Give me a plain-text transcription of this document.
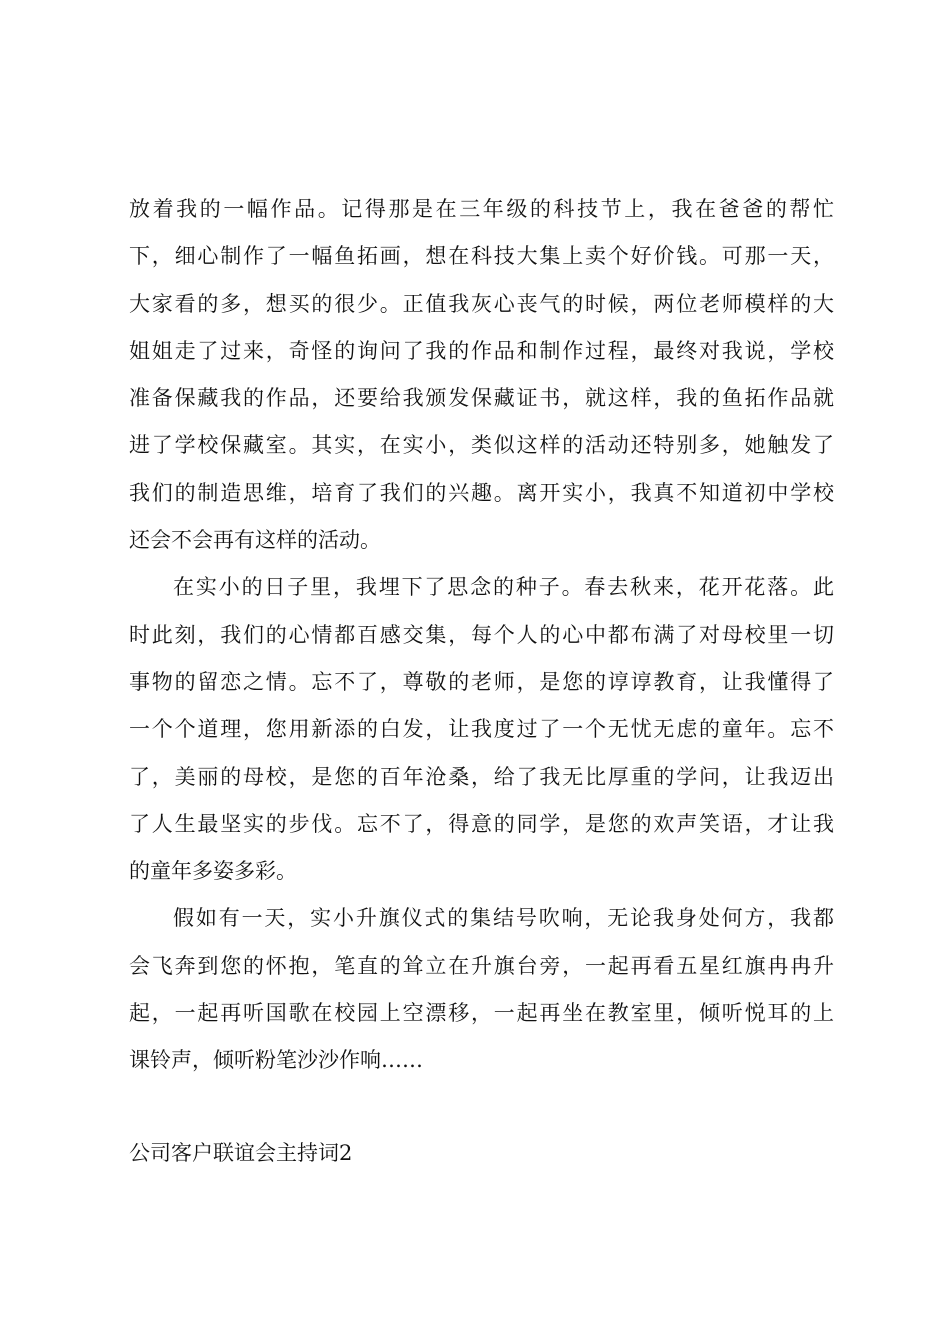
放着我的一幅作品。记得那是在三年级的科技节上，我在爸爸的帮忙
下，细心制作了一幅鱼拓画，想在科技大集上卖个好价钱。可那一天，
大家看的多，想买的很少。正值我灰心丧气的时候，两位老师模样的大
姐姐走了过来，奇怪的询问了我的作品和制作过程，最终对我说，学校
准备保藏我的作品，还要给我颁发保藏证书，就这样，我的鱼拓作品就
进了学校保藏室。其实，在实小，类似这样的活动还特别多，她触发了
我们的制造思维，培育了我们的兴趣。离开实小，我真不知道初中学校
还会不会再有这样的活动。
在实小的日子里，我埋下了思念的种子。春去秋来，花开花落。此
时此刻，我们的心情都百感交集，每个人的心中都布满了对母校里一切
事物的留恋之情。忘不了，尊敬的老师，是您的谆谆教育，让我懂得了
一个个道理，您用新添的白发，让我度过了一个无忧无虑的童年。忘不
了，美丽的母校，是您的百年沧桑，给了我无比厚重的学问，让我迈出
了人生最坚实的步伐。忘不了，得意的同学，是您的欢声笑语，才让我
的童年多姿多彩。
假如有一天，实小升旗仪式的集结号吹响，无论我身处何方，我都
会飞奔到您的怀抱，笔直的耸立在升旗台旁，一起再看五星红旗冉冉升
起，一起再听国歌在校园上空漂移，一起再坐在教室里，倾听悦耳的上
课铃声，倾听粉笔沙沙作响……
公司客户联谊会主持词2
